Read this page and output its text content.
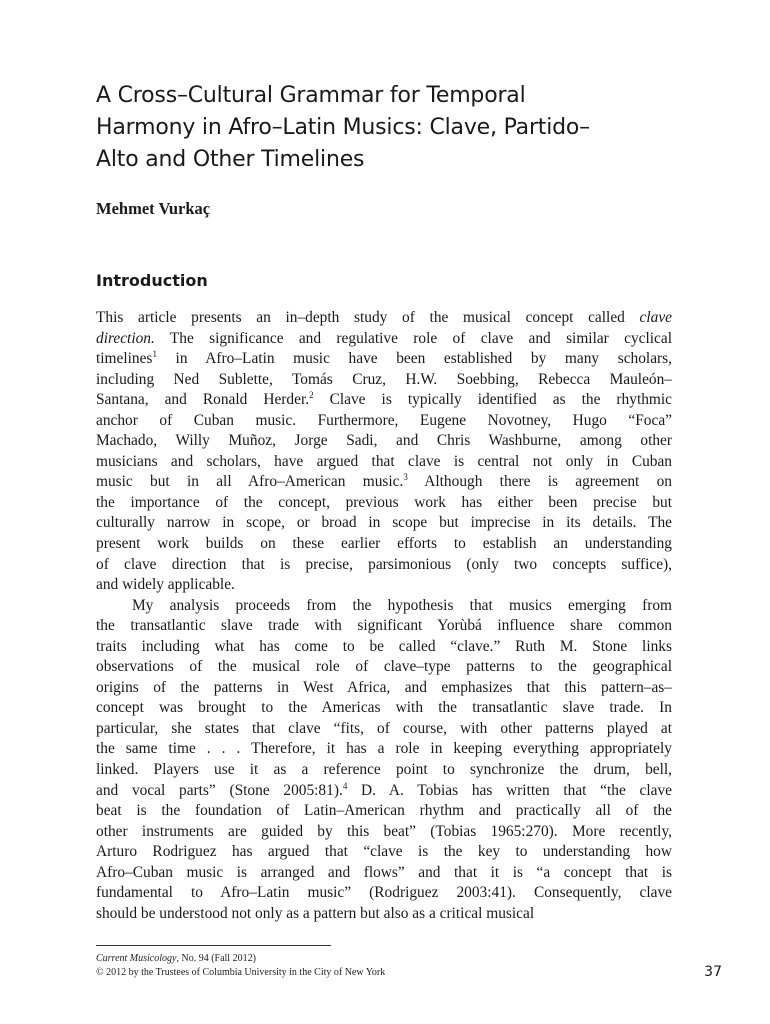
A Cross–Cultural Grammar for Temporal
Harmony in Afro–Latin Musics: Clave, Partido–
Alto and Other Timelines

Mehmet Vurkaç

Introduction
This article presents an in–depth study of the musical concept called clave
direction. The significance and regulative role of clave and similar cyclical
timelines$^1$ in Afro–Latin music have been established by many scholars,
including Ned Sublette, Tomás Cruz, H.W. Soebbing, Rebecca Mauleón–
Santana, and Ronald Herder.$^2$ Clave is typically identified as the rhythmic
anchor of Cuban music. Furthermore, Eugene Novotney, Hugo “Foca”
Machado, Willy Muñoz, Jorge Sadi, and Chris Washburne, among other
musicians and scholars, have argued that clave is central not only in Cuban
music but in all Afro–American music.$^3$ Although there is agreement on
the importance of the concept, previous work has either been precise but
culturally narrow in scope, or broad in scope but imprecise in its details. The
present work builds on these earlier efforts to establish an understanding
of clave direction that is precise, parsimonious (only two concepts suffice),
and widely applicable.
My analysis proceeds from the hypothesis that musics emerging from
the transatlantic slave trade with significant Yorùbá influence share common
traits including what has come to be called “clave.” Ruth M. Stone links
observations of the musical role of clave–type patterns to the geographical
origins of the patterns in West Africa, and emphasizes that this pattern–as–
concept was brought to the Americas with the transatlantic slave trade. In
particular, she states that clave “fits, of course, with other patterns played at
the same time . . . Therefore, it has a role in keeping everything appropriately
linked. Players use it as a reference point to synchronize the drum, bell,
and vocal parts” (Stone 2005:81).$^4$ D. A. Tobias has written that “the clave
beat is the foundation of Latin–American rhythm and practically all of the
other instruments are guided by this beat” (Tobias 1965:270). More recently,
Arturo Rodriguez has argued that “clave is the key to understanding how
Afro–Cuban music is arranged and flows” and that it is “a concept that is
fundamental to Afro–Latin music” (Rodriguez 2003:41). Consequently, clave
should be understood not only as a pattern but also as a critical musical
Current Musicology, No. 94 (Fall 2012)
© 2012 by the Trustees of Columbia University in the City of New York	37
